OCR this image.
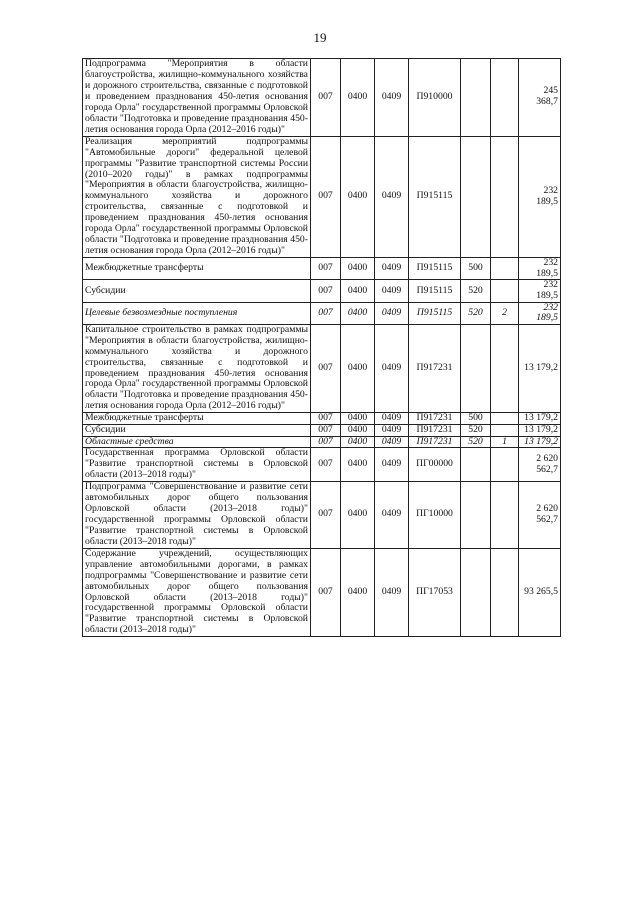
19
Подпрограмма "Мероприятия в области благоустройства, жилищно-коммунального хозяйства и дорожного строительства, связанные с подготовкой и проведением празднования 450-летия основания города Орла" государственной программы Орловской области "Подготовка и проведение празднования 450-летия основания города Орла (2012–2016 годы)"	007	0400	0409	П910000			245 368,7
Реализация мероприятий подпрограммы "Автомобильные дороги" федеральной целевой программы "Развитие транспортной системы России (2010–2020 годы)" в рамках подпрограммы "Мероприятия в области благоустройства, жилищно-коммунального хозяйства и дорожного строительства, связанные с подготовкой и проведением празднования 450-летия основания города Орла" государственной программы Орловской области "Подготовка и проведение празднования 450-летия основания города Орла (2012–2016 годы)"	007	0400	0409	П915115			232 189,5
Межбюджетные трансферты	007	0400	0409	П915115	500		232 189,5
Субсидии	007	0400	0409	П915115	520		232 189,5
Целевые безвозмездные поступления	007	0400	0409	П915115	520	2	232 189,5
Капитальное строительство в рамках подпрограммы "Мероприятия в области благоустройства, жилищно-коммунального хозяйства и дорожного строительства, связанные с подготовкой и проведением празднования 450-летия основания города Орла" государственной программы Орловской области "Подготовка и проведение празднования 450-летия основания города Орла (2012–2016 годы)"	007	0400	0409	П917231			13 179,2
Межбюджетные трансферты	007	0400	0409	П917231	500		13 179,2
Субсидии	007	0400	0409	П917231	520		13 179,2
Областные средства	007	0400	0409	П917231	520	1	13 179,2
Государственная программа Орловской области "Развитие транспортной системы в Орловской области (2013–2018 годы)"	007	0400	0409	ПГ00000			2 620 562,7
Подпрограмма "Совершенствование и развитие сети автомобильных дорог общего пользования Орловской области (2013–2018 годы)" государственной программы Орловской области "Развитие транспортной системы в Орловской области (2013–2018 годы)"	007	0400	0409	ПГ10000			2 620 562,7
Содержание учреждений, осуществляющих управление автомобильными дорогами, в рамках подпрограммы "Совершенствование и развитие сети автомобильных дорог общего пользования Орловской области (2013–2018 годы)" государственной программы Орловской области "Развитие транспортной системы в Орловской области (2013–2018 годы)"	007	0400	0409	ПГ17053			93 265,5
